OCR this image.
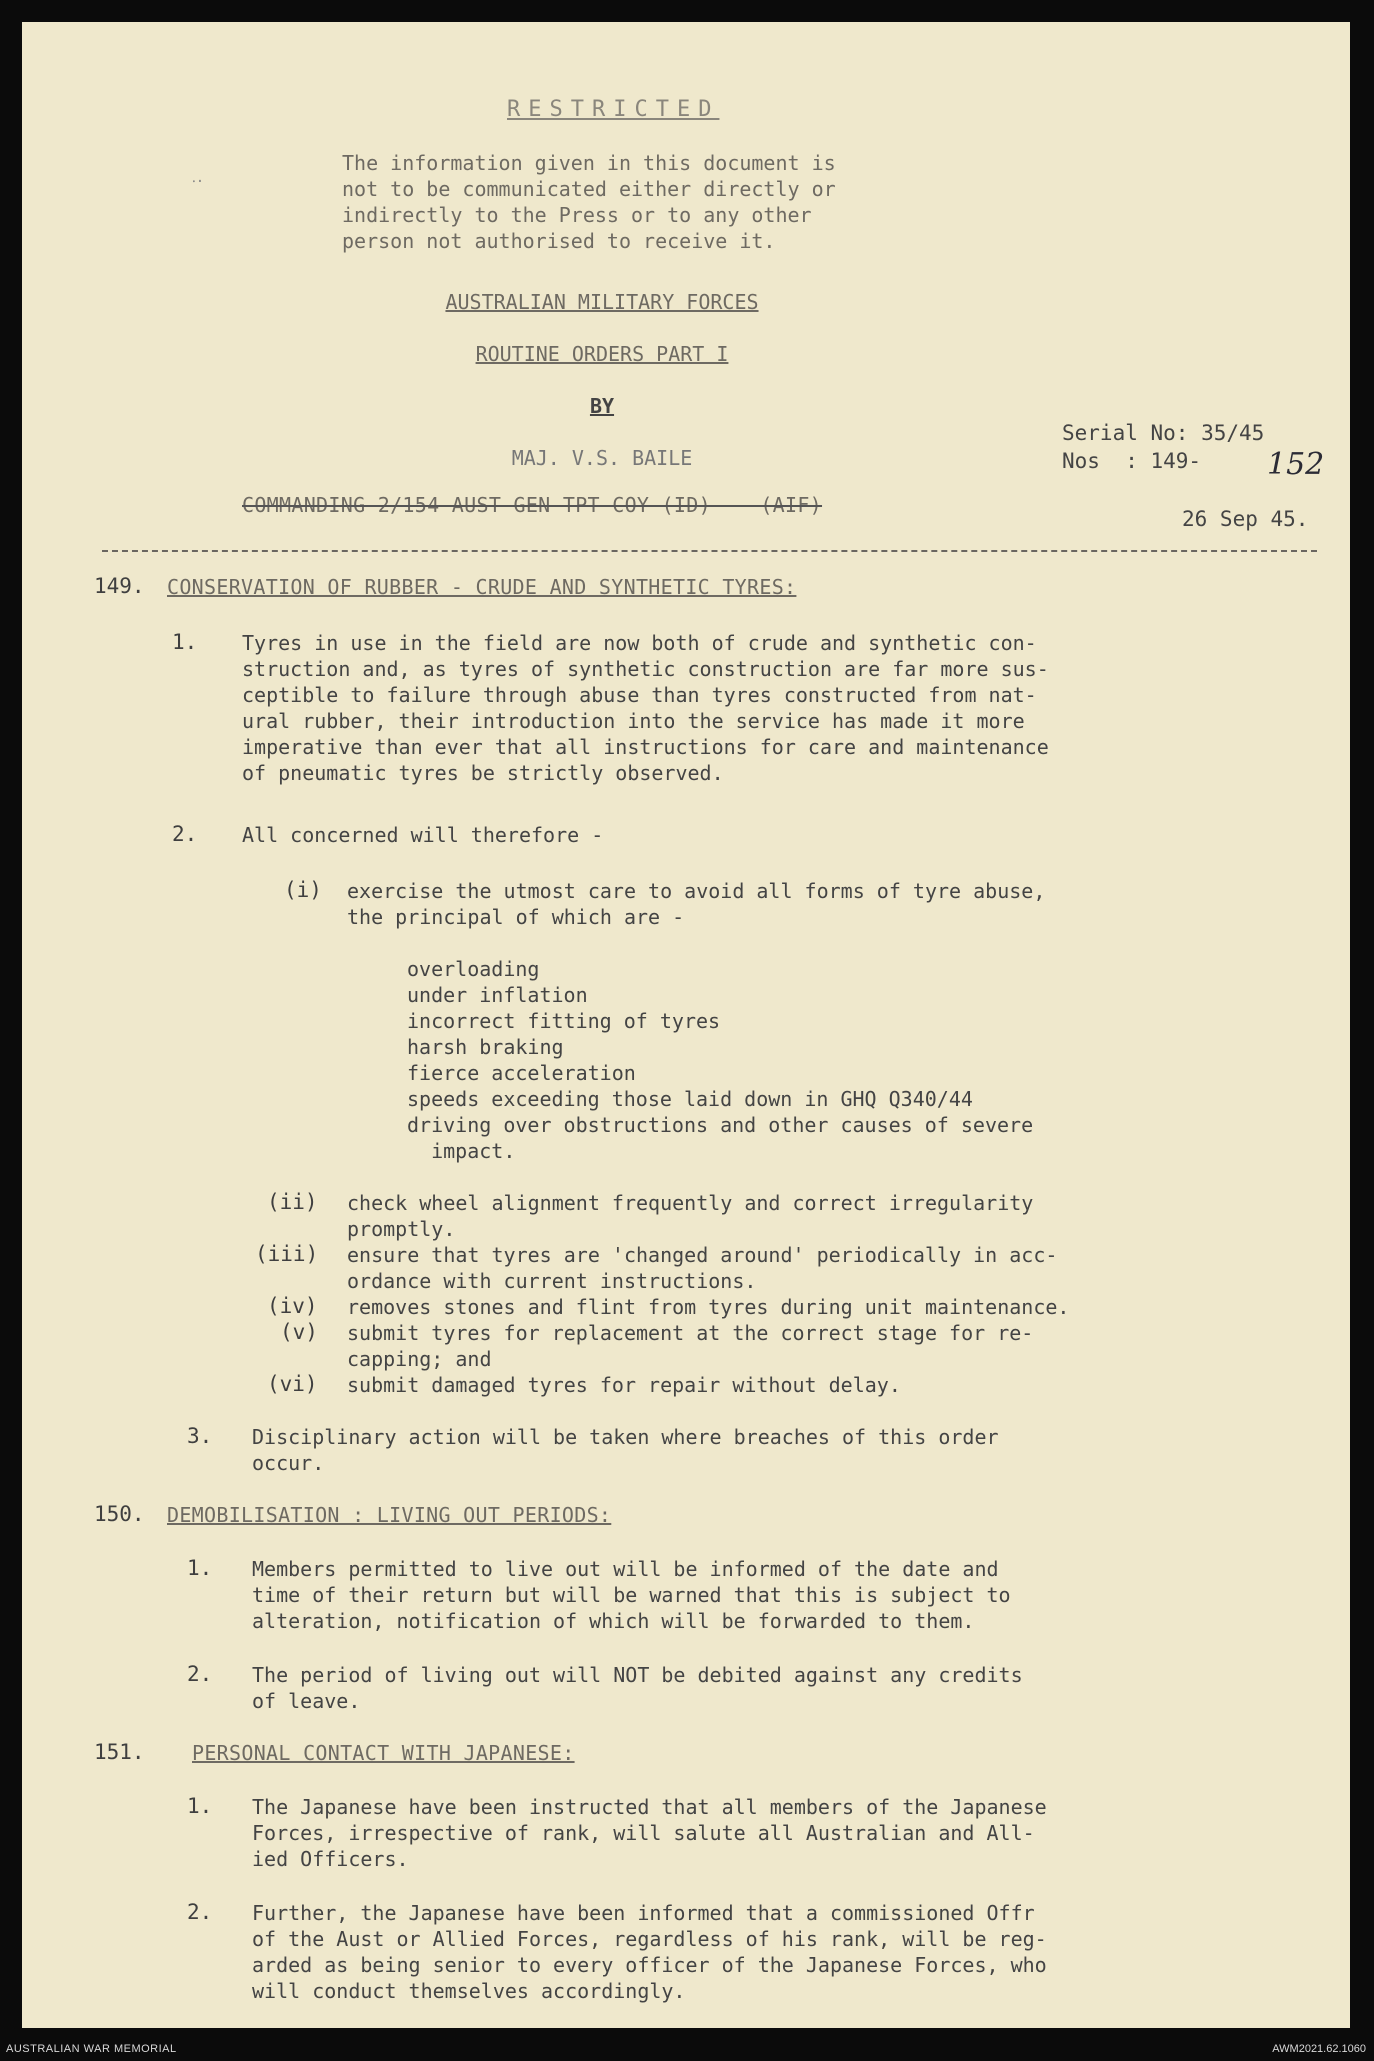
⸱·
RESTRICTED
The information given in this document is
not to be communicated either directly or
indirectly to the Press or to any other
person not authorised to receive it.
AUSTRALIAN MILITARY FORCES
ROUTINE ORDERS PART I
BY
MAJ. V.S. BAILE
COMMANDING 2/154 AUST GEN TPT COY (ID)    (AIF)
Serial No: 35/45
Nos  : 149-	152
26 Sep 45.
149. CONSERVATION OF RUBBER - CRUDE AND SYNTHETIC TYRES:
1. Tyres in use in the field are now both of crude and synthetic con-
struction and, as tyres of synthetic construction are far more sus-
ceptible to failure through abuse than tyres constructed from nat-
ural rubber, their introduction into the service has made it more
imperative than ever that all instructions for care and maintenance
of pneumatic tyres be strictly observed.
2. All concerned will therefore -
(i) exercise the utmost care to avoid all forms of tyre abuse,
the principal of which are -
overloading
under inflation
incorrect fitting of tyres
harsh braking
fierce acceleration
speeds exceeding those laid down in GHQ Q340/44
driving over obstructions and other causes of severe
impact.
(ii) check wheel alignment frequently and correct irregularity
promptly.
(iii) ensure that tyres are 'changed around' periodically in acc-
ordance with current instructions.
(iv) removes stones and flint from tyres during unit maintenance.
(v) submit tyres for replacement at the correct stage for re-
capping; and
(vi) submit damaged tyres for repair without delay.
3. Disciplinary action will be taken where breaches of this order
occur.
150. DEMOBILISATION : LIVING OUT PERIODS:
1. Members permitted to live out will be informed of the date and
time of their return but will be warned that this is subject to
alteration, notification of which will be forwarded to them.
2. The period of living out will NOT be debited against any credits
of leave.
151. PERSONAL CONTACT WITH JAPANESE:
1. The Japanese have been instructed that all members of the Japanese
Forces, irrespective of rank, will salute all Australian and All-
ied Officers.
2. Further, the Japanese have been informed that a commissioned Offr
of the Aust or Allied Forces, regardless of his rank, will be reg-
arded as being senior to every officer of the Japanese Forces, who
will conduct themselves accordingly.
AUSTRALIAN WAR MEMORIAL	AWM2021.62.1060
